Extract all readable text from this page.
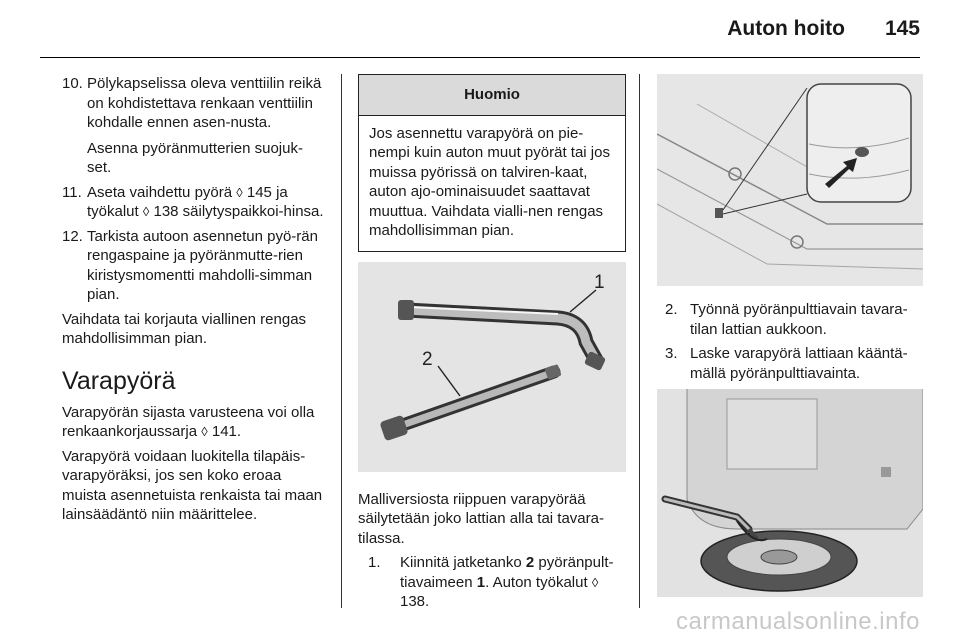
Auton hoito 145
10. Pölykapselissa oleva venttiilin reikä on kohdistettava renkaan venttiilin kohdalle ennen asen-nusta.
Asenna pyöränmutterien suojuk-set.
11. Aseta vaihdettu pyörä ◊ 145 ja työkalut ◊ 138 säilytyspaikkoi-hinsa.
12. Tarkista autoon asennetun pyö-rän rengaspaine ja pyöränmutte-rien kiristysmomentti mahdolli-simman pian.

Vaihdata tai korjauta viallinen rengas mahdollisimman pian.

Varapyörä

Varapyörän sijasta varusteena voi olla renkaankorjaussarja ◊ 141.

Varapyörä voidaan luokitella tilapäis-varapyöräksi, jos sen koko eroaa muista asennetuista renkaista tai maan lainsäädäntö niin määrittelee.

Huomio
Jos asennettu varapyörä on pie-nempi kuin auton muut pyörät tai jos muissa pyörissä on talviren-kaat, auton ajo-ominaisuudet saattavat muuttua. Vaihdata vialli-nen rengas mahdollisimman pian.
1
2

Malliversiosta riippuen varapyörää säilytetään joko lattian alla tai tavara-tilassa.

1. Kiinnitä jatketanko 2 pyöränpult-tiavaimeen 1. Auton työkalut ◊ 138.
2. Työnnä pyöränpulttiavain tavara-tilan lattian aukkoon.
3. Laske varapyörä lattiaan kääntä-mällä pyöränpulttiavainta.
carmanualsonline.info
